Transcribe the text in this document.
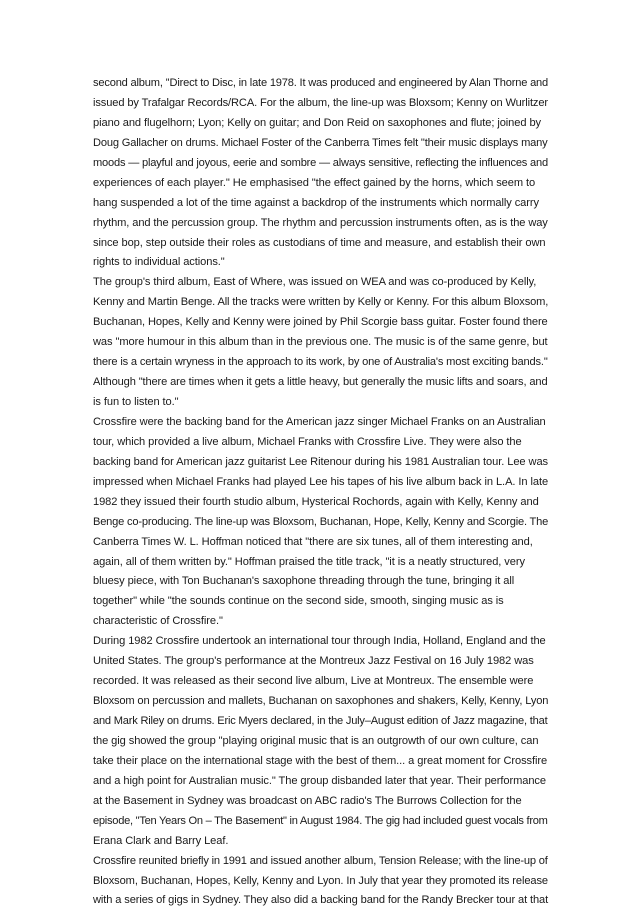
second album, ''Direct to Disc, in late 1978. It was produced and engineered by Alan Thorne and
issued by Trafalgar Records/RCA. For the album, the line-up was Bloxsom; Kenny on Wurlitzer
piano and flugelhorn; Lyon; Kelly on guitar; and Don Reid on saxophones and flute; joined by
Doug Gallacher on drums. Michael Foster of the Canberra Times felt "their music displays many
moods — playful and joyous, eerie and sombre — always sensitive, reflecting the influences and
experiences of each player." He emphasised "the effect gained by the horns, which seem to
hang suspended a lot of the time against a backdrop of the instruments which normally carry
rhythm, and the percussion group. The rhythm and percussion instruments often, as is the way
since bop, step outside their roles as custodians of time and measure, and establish their own
rights to individual actions."
The group's third album, East of Where, was issued on WEA and was co-produced by Kelly,
Kenny and Martin Benge. All the tracks were written by Kelly or Kenny. For this album Bloxsom,
Buchanan, Hopes, Kelly and Kenny were joined by Phil Scorgie bass guitar. Foster found there
was "more humour in this album than in the previous one. The music is of the same genre, but
there is a certain wryness in the approach to its work, by one of Australia's most exciting bands."
Although "there are times when it gets a little heavy, but generally the music lifts and soars, and
is fun to listen to."
Crossfire were the backing band for the American jazz singer Michael Franks on an Australian
tour, which provided a live album, Michael Franks with Crossfire Live. They were also the
backing band for American jazz guitarist Lee Ritenour during his 1981 Australian tour. Lee was
impressed when Michael Franks had played Lee his tapes of his live album back in L.A. In late
1982 they issued their fourth studio album, Hysterical Rochords, again with Kelly, Kenny and
Benge co-producing. The line-up was Bloxsom, Buchanan, Hope, Kelly, Kenny and Scorgie. The
Canberra Times W. L. Hoffman noticed that "there are six tunes, all of them interesting and,
again, all of them written by." Hoffman praised the title track, "it is a neatly structured, very
bluesy piece, with Ton Buchanan's saxophone threading through the tune, bringing it all
together" while "the sounds continue on the second side, smooth, singing music as is
characteristic of Crossfire."
During 1982 Crossfire undertook an international tour through India, Holland, England and the
United States. The group's performance at the Montreux Jazz Festival on 16 July 1982 was
recorded. It was released as their second live album, Live at Montreux. The ensemble were
Bloxsom on percussion and mallets, Buchanan on saxophones and shakers, Kelly, Kenny, Lyon
and Mark Riley on drums. Eric Myers declared, in the July–August edition of Jazz magazine, that
the gig showed the group "playing original music that is an outgrowth of our own culture, can
take their place on the international stage with the best of them... a great moment for Crossfire
and a high point for Australian music." The group disbanded later that year. Their performance
at the Basement in Sydney was broadcast on ABC radio's The Burrows Collection for the
episode, "Ten Years On – The Basement" in August 1984. The gig had included guest vocals from
Erana Clark and Barry Leaf.
Crossfire reunited briefly in 1991 and issued another album, Tension Release; with the line-up of
Bloxsom, Buchanan, Hopes, Kelly, Kenny and Lyon. In July that year they promoted its release
with a series of gigs in Sydney. They also did a backing band for the Randy Brecker tour at that
